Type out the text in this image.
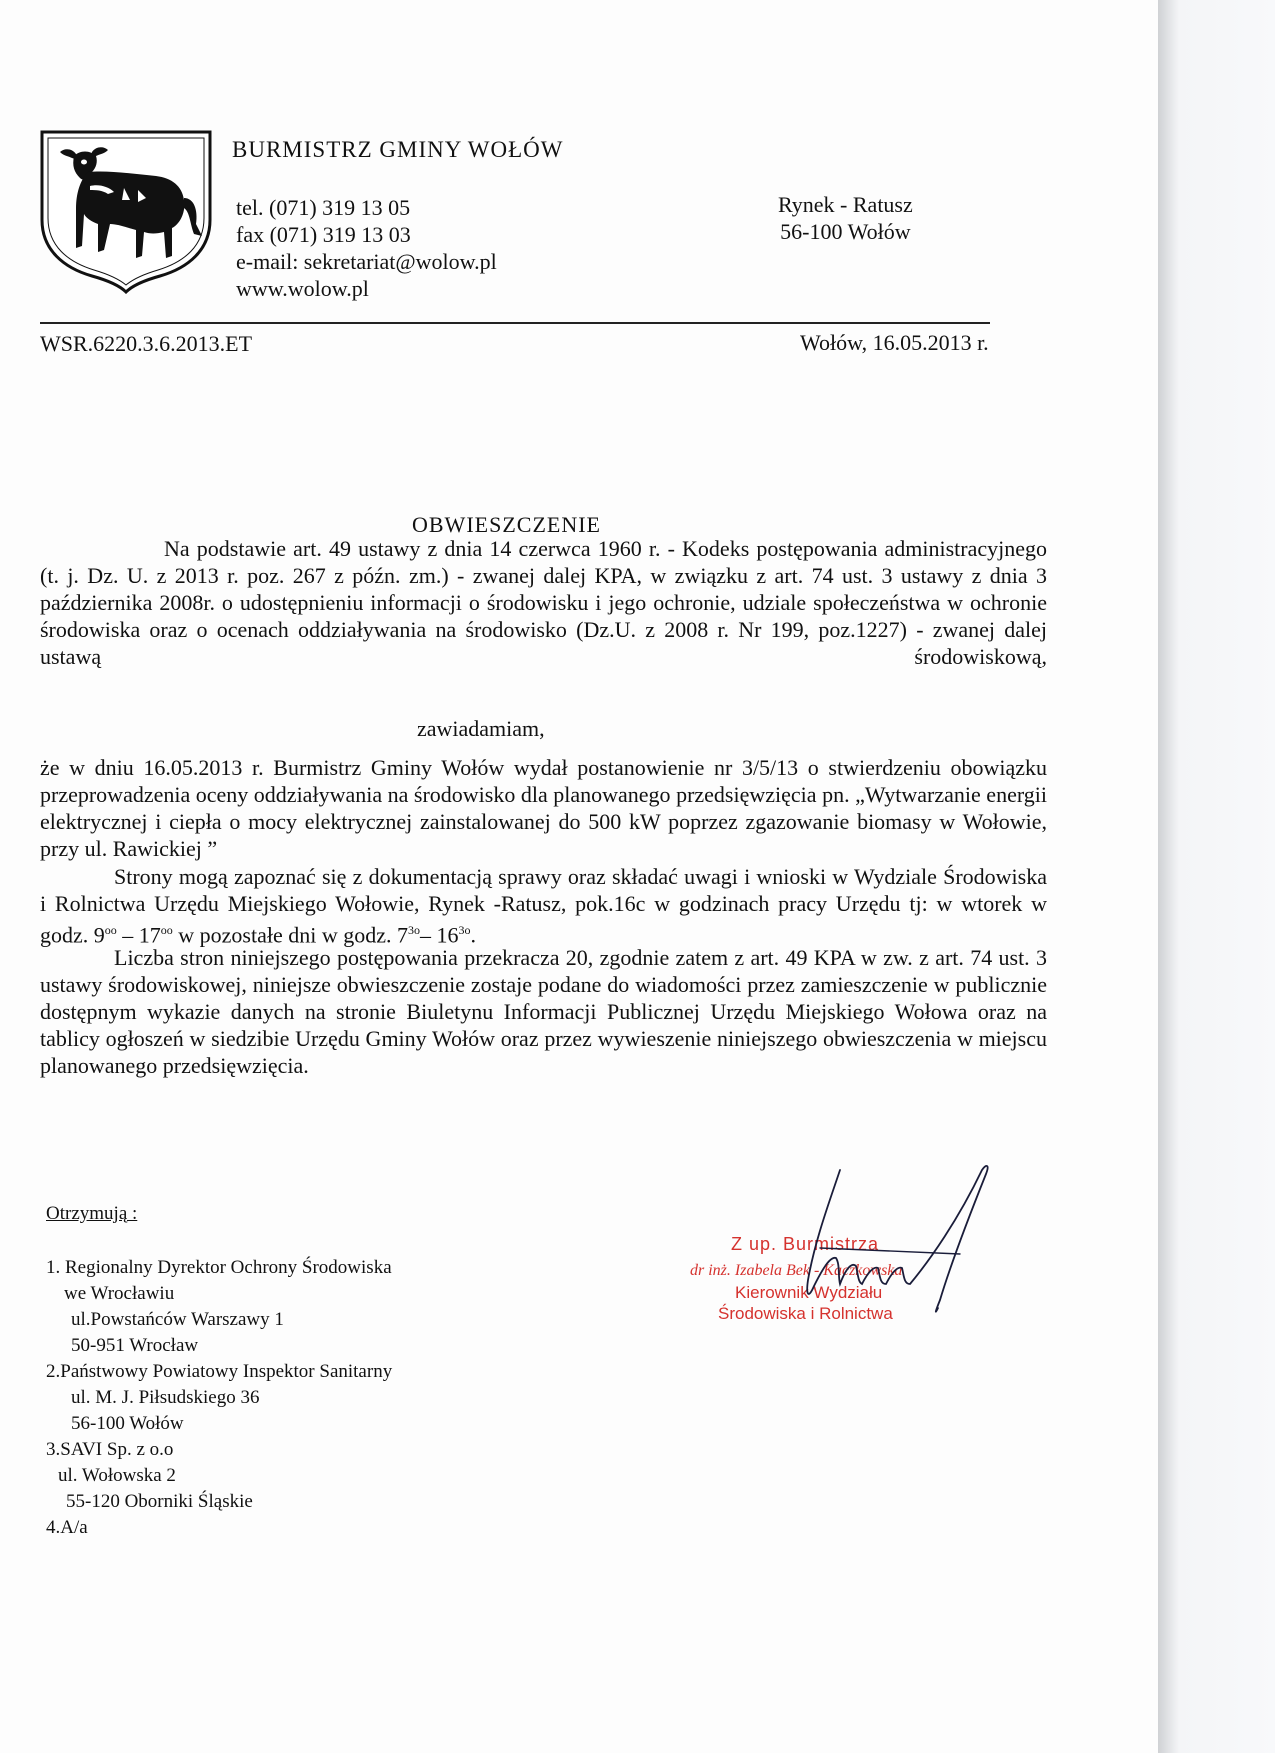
BURMISTRZ GMINY WOŁÓW
tel. (071) 319 13 05
fax (071) 319 13 03
e-mail: sekretariat@wolow.pl
www.wolow.pl
Rynek - Ratusz
56-100 Wołów
WSR.6220.3.6.2013.ET	Wołów, 16.05.2013 r.
OBWIESZCZENIE

Na podstawie art. 49 ustawy z dnia 14 czerwca 1960 r. - Kodeks postępowania administracyjnego (t. j. Dz. U. z 2013 r. poz. 267 z późn. zm.) - zwanej dalej KPA, w związku z art. 74 ust. 3 ustawy z dnia 3 października 2008r. o udostępnieniu informacji o środowisku i jego ochronie, udziale społeczeństwa w ochronie środowiska oraz o ocenach oddziaływania na środowisko (Dz.U. z 2008 r. Nr 199, poz.1227) - zwanej dalej ustawą środowiskową,

zawiadamiam,

że w dniu 16.05.2013 r. Burmistrz Gminy Wołów wydał postanowienie nr 3/5/13 o stwierdzeniu obowiązku przeprowadzenia oceny oddziaływania na środowisko dla planowanego przedsięwzięcia pn. „Wytwarzanie energii elektrycznej i ciepła o mocy elektrycznej zainstalowanej do 500 kW poprzez zgazowanie biomasy w Wołowie, przy ul. Rawickiej ”

Strony mogą zapoznać się z dokumentacją sprawy oraz składać uwagi i wnioski w Wydziale Środowiska i Rolnictwa Urzędu Miejskiego Wołowie, Rynek -Ratusz, pok.16c w godzinach pracy Urzędu tj: w wtorek w godz. $9^{oo} - 17^{oo}$ w pozostałe dni w godz. $7^{3o}-$ $16^{3o}$.

Liczba stron niniejszego postępowania przekracza 20, zgodnie zatem z art. 49 KPA w zw. z art. 74 ust. 3 ustawy środowiskowej, niniejsze obwieszczenie zostaje podane do wiadomości przez zamieszczenie w publicznie dostępnym wykazie danych na stronie Biuletynu Informacji Publicznej Urzędu Miejskiego Wołowa oraz na tablicy ogłoszeń w siedzibie Urzędu Gminy Wołów oraz przez wywieszenie niniejszego obwieszczenia w miejscu planowanego przedsięwzięcia.

Otrzymują :
1. Regionalny Dyrektor Ochrony Środowiska
we Wrocławiu
ul.Powstańców Warszawy 1
50-951 Wrocław
2.Państwowy Powiatowy Inspektor Sanitarny
ul. M. J. Piłsudskiego 36
56-100 Wołów
3.SAVI Sp. z o.o
ul. Wołowska 2
55-120 Oborniki Śląskie
4.A/a
Z up. Burmistrza
dr inż. Izabela Bek - Kaczkowska
Kierownik Wydziału
Środowiska i Rolnictwa
